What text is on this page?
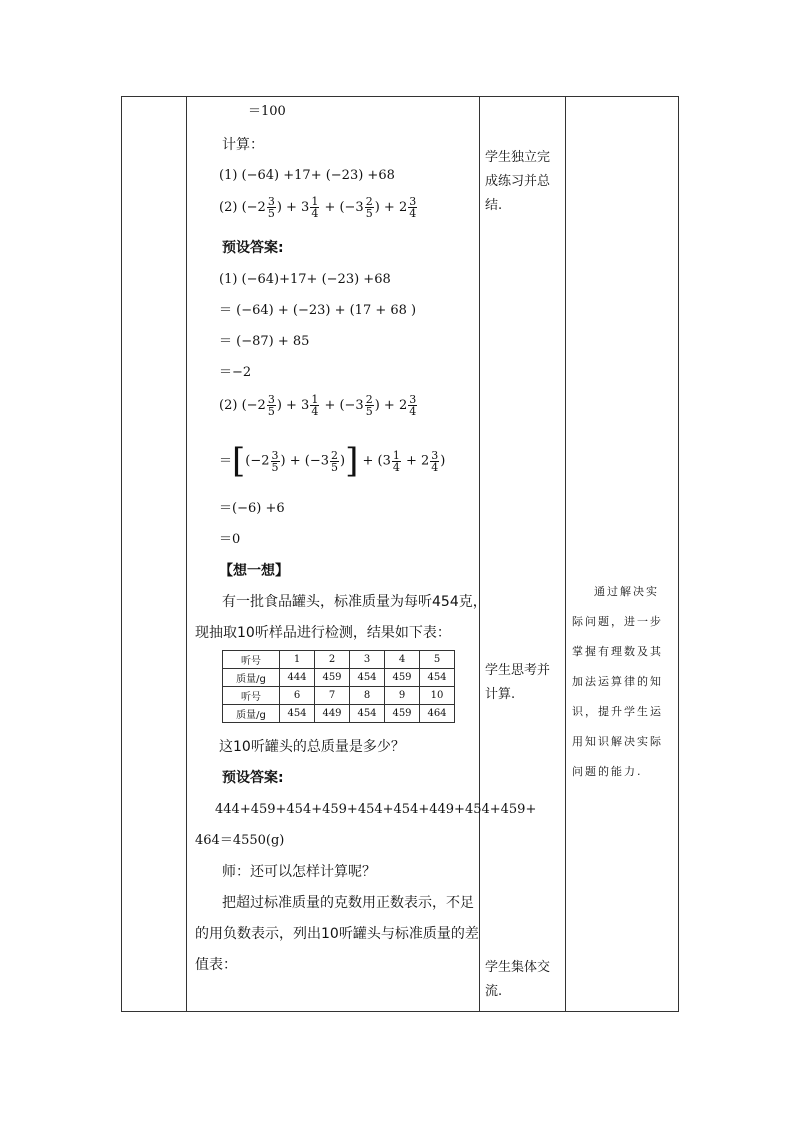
＝100
计算：
(1) (−64) +17+ (−23) +68
(2) ($-2 \frac{3}{5}$ ) + $3 \frac{1}{4} + (-3 \frac{2}{5}$ ) + $2 \frac{3}{4}$
预设答案:
(1) (−64)+17+ (−23) +68
＝ (−64) + (−23) + (17 + 68 )
＝ (−87) + 85
＝−2
(2) ($-2 \frac{3}{5}$ ) + $3 \frac{1}{4} + (-3 \frac{2}{5}$ ) + $2 \frac{3}{4}$
$=[(-2 \frac{3}{5}$ ) + ($-3 \frac{2}{5}$ )] + ($3 \frac{1}{4} + 2 \frac{3}{4}$ )
＝(−6) +6
＝0
【想一想】
有一批食品罐头，标准质量为每听454克，
现抽取10听样品进行检测，结果如下表：
听号	1	2	3	4	5
质量/g	444	459	454	459	454
听号	6	7	8	9	10
质量/g	454	449	454	459	464
这10听罐头的总质量是多少？
预设答案:
444+459+454+459+454+454+449+454+459+
464＝4550(g)
师：还可以怎样计算呢？
把超过标准质量的克数用正数表示，不足
的用负数表示，列出10听罐头与标准质量的差
值表：
学生独立完
成练习并总
结.
学生思考并
计算.
学生集体交
流.
通过解决实
际问题，进一步
掌握有理数及其
加法运算律的知
识，提升学生运
用知识解决实际
问题的能力.
